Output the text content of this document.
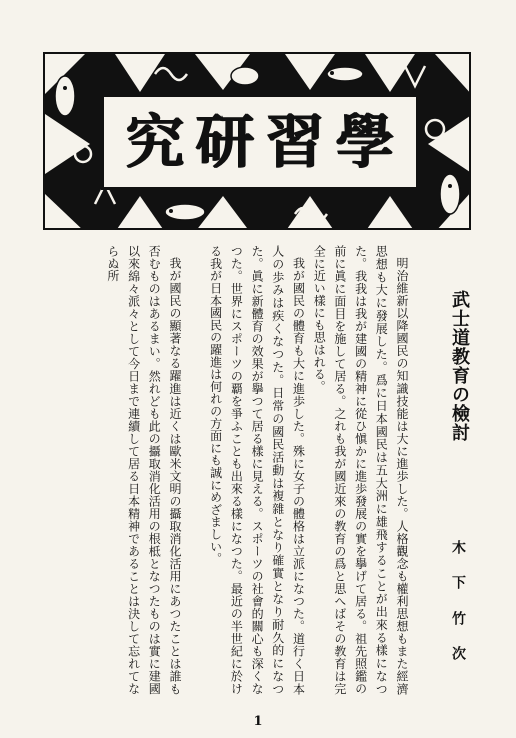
究 研 習 學
武士道教育の檢討
木
下
竹
次

明治維新以降國民の知識技能は大に進歩した。人格觀念も權利思想もまた經濟思想も大に發展した。爲に日本國民は五大洲に雄飛することが出來る樣になつた。我我は我が建國の精神に從ひ愼かに進歩發展の實を擧げて居る。祖先照鑑の前に眞に面目を施して居る。之れも我が國近來の教育の爲と思へばその教育は完全に近い樣にも思はれる。

我が國民の體育も大に進歩した。殊に女子の體格は立派になつた。道行く日本人の歩みは疾くなつた。日常の國民活動は複雜となり確實となり耐久的になつた。眞に新體育の效果が擧つて居る樣に見える。スポーツの社會的關心も深くなつた。世界にスポーツの覇を爭ふことも出來る樣になつた。最近の半世紀に於ける我が日本國民の躍進は何れの方面にも誠にめざましい。

我が國民の顯著なる躍進は近くは歐米文明の攝取消化活用にあつたことは誰も否むものはあるまい。然れども此の攝取消化活用の根柢となつたものは實に建國以來綿々派々として今日まで連續して居る日本精神であることは決して忘れてならぬ所

1
